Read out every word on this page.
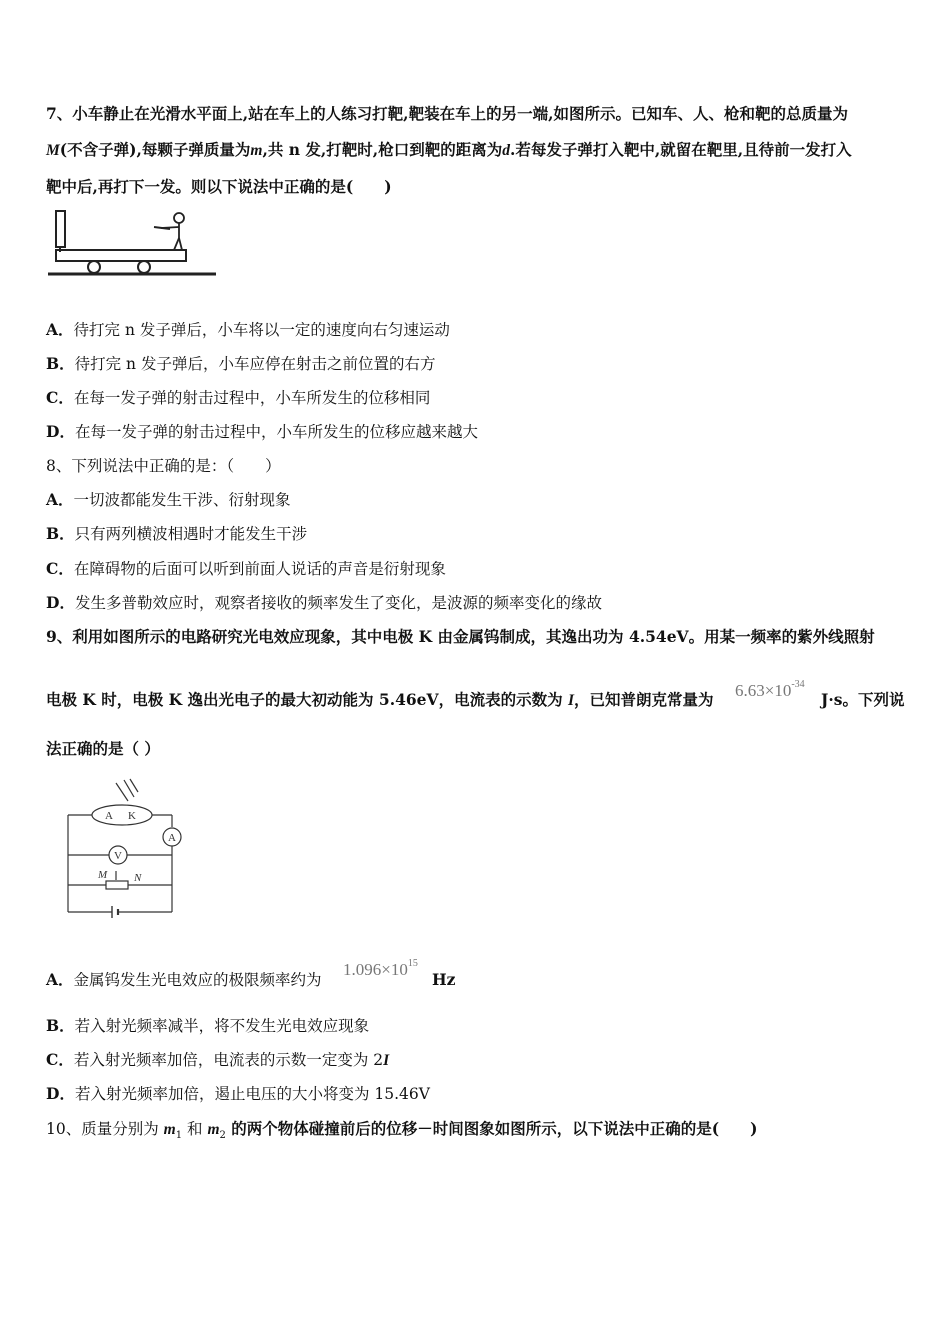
7、小车静止在光滑水平面上,站在车上的人练习打靶,靶装在车上的另一端,如图所示。已知车、人、枪和靶的总质量为
M(不含子弹),每颗子弹质量为m,共 n 发,打靶时,枪口到靶的距离为d.若每发子弹打入靶中,就留在靶里,且待前一发打入
靶中后,再打下一发。则以下说法中正确的是(　　)
A．待打完 n 发子弹后，小车将以一定的速度向右匀速运动
B．待打完 n 发子弹后，小车应停在射击之前位置的右方
C．在每一发子弹的射击过程中，小车所发生的位移相同
D．在每一发子弹的射击过程中，小车所发生的位移应越来越大
8、下列说法中正确的是：（　　）
A．一切波都能发生干涉、衍射现象
B．只有两列横波相遇时才能发生干涉
C．在障碍物的后面可以听到前面人说话的声音是衍射现象
D．发生多普勒效应时，观察者接收的频率发生了变化，是波源的频率变化的缘故
9、利用如图所示的电路研究光电效应现象，其中电极 K 由金属钨制成，其逸出功为 4.54eV。用某一频率的紫外线照射
电极 K 时，电极 K 逸出光电子的最大初动能为 5.46eV，电流表的示数为 I，已知普朗克常量为 $6.63\times 10^{-34}$
J·s。下列说
法正确的是（ ）
A K
A
V
M N
A．金属钨发生光电效应的极限频率约为
$1.096\times 10^{15}$
Hz
B．若入射光频率减半，将不发生光电效应现象
C．若入射光频率加倍，电流表的示数一定变为 2I
D．若入射光频率加倍，遏止电压的大小将变为 15.46V
10、质量分别为 $m_1$ 和 $m_2$ 的两个物体碰撞前后的位移－时间图象如图所示，以下说法中正确的是(　　)
